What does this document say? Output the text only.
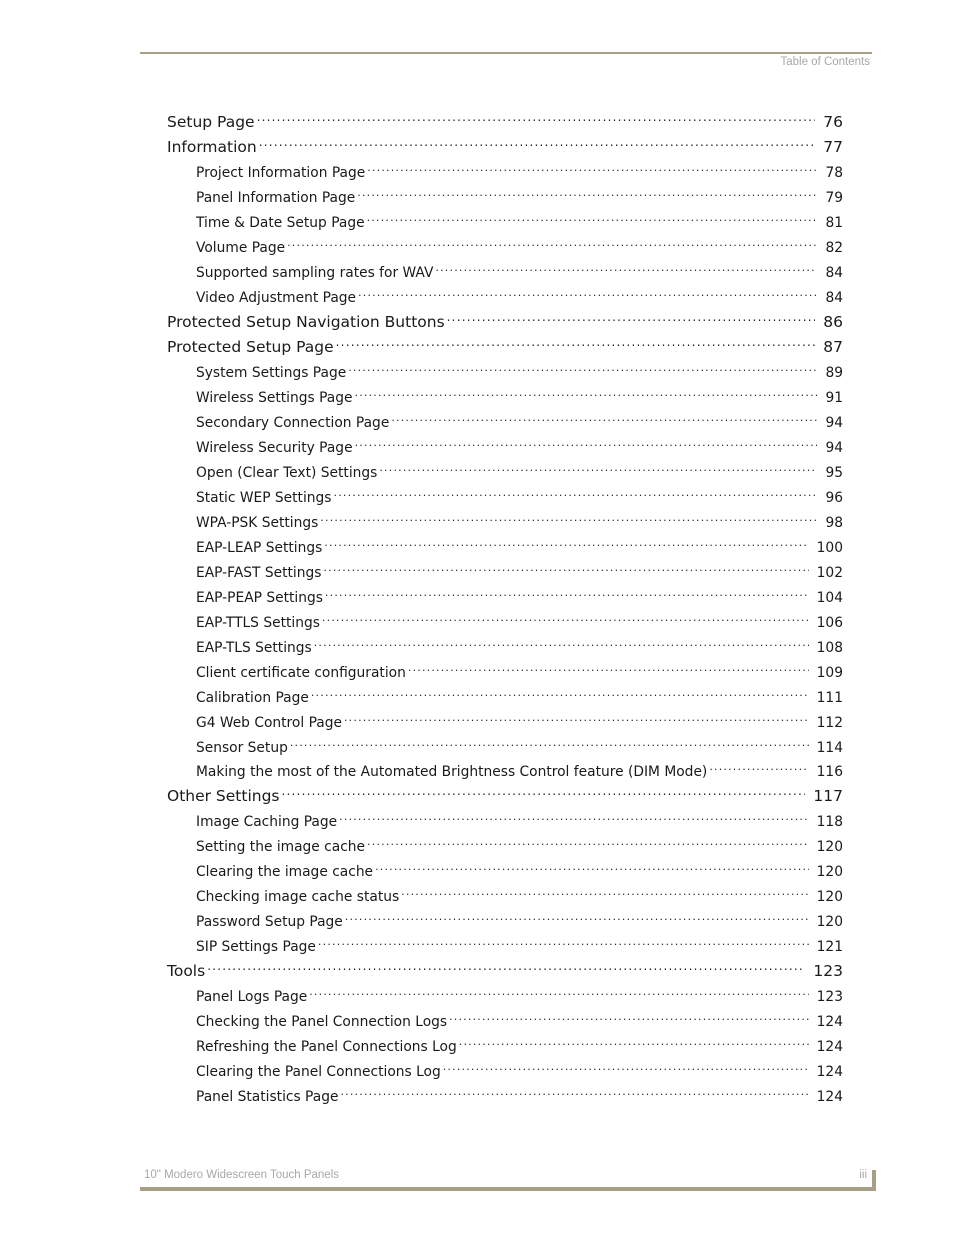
Table of Contents
Setup Page .....	76
Information .....	77
Project Information Page .....	78
Panel Information Page .....	79
Time & Date Setup Page .....	81
Volume Page .....	82
Supported sampling rates for WAV .....	84
Video Adjustment Page .....	84
Protected Setup Navigation Buttons .....	86
Protected Setup Page .....	87
System Settings Page .....	89
Wireless Settings Page .....	91
Secondary Connection Page .....	94
Wireless Security Page .....	94
Open (Clear Text) Settings .....	95
Static WEP Settings .....	96
WPA-PSK Settings .....	98
EAP-LEAP Settings .....	100
EAP-FAST Settings .....	102
EAP-PEAP Settings .....	104
EAP-TTLS Settings .....	106
EAP-TLS Settings .....	108
Client certificate configuration .....	109
Calibration Page .....	111
G4 Web Control Page .....	112
Sensor Setup .....	114
Making the most of the Automated Brightness Control feature (DIM Mode) .....	116
Other Settings .....	117
Image Caching Page .....	118
Setting the image cache .....	120
Clearing the image cache .....	120
Checking image cache status .....	120
Password Setup Page .....	120
SIP Settings Page .....	121
Tools .....	123
Panel Logs Page .....	123
Checking the Panel Connection Logs .....	124
Refreshing the Panel Connections Log .....	124
Clearing the Panel Connections Log .....	124
Panel Statistics Page .....	124
10" Modero Widescreen Touch Panels	iii
